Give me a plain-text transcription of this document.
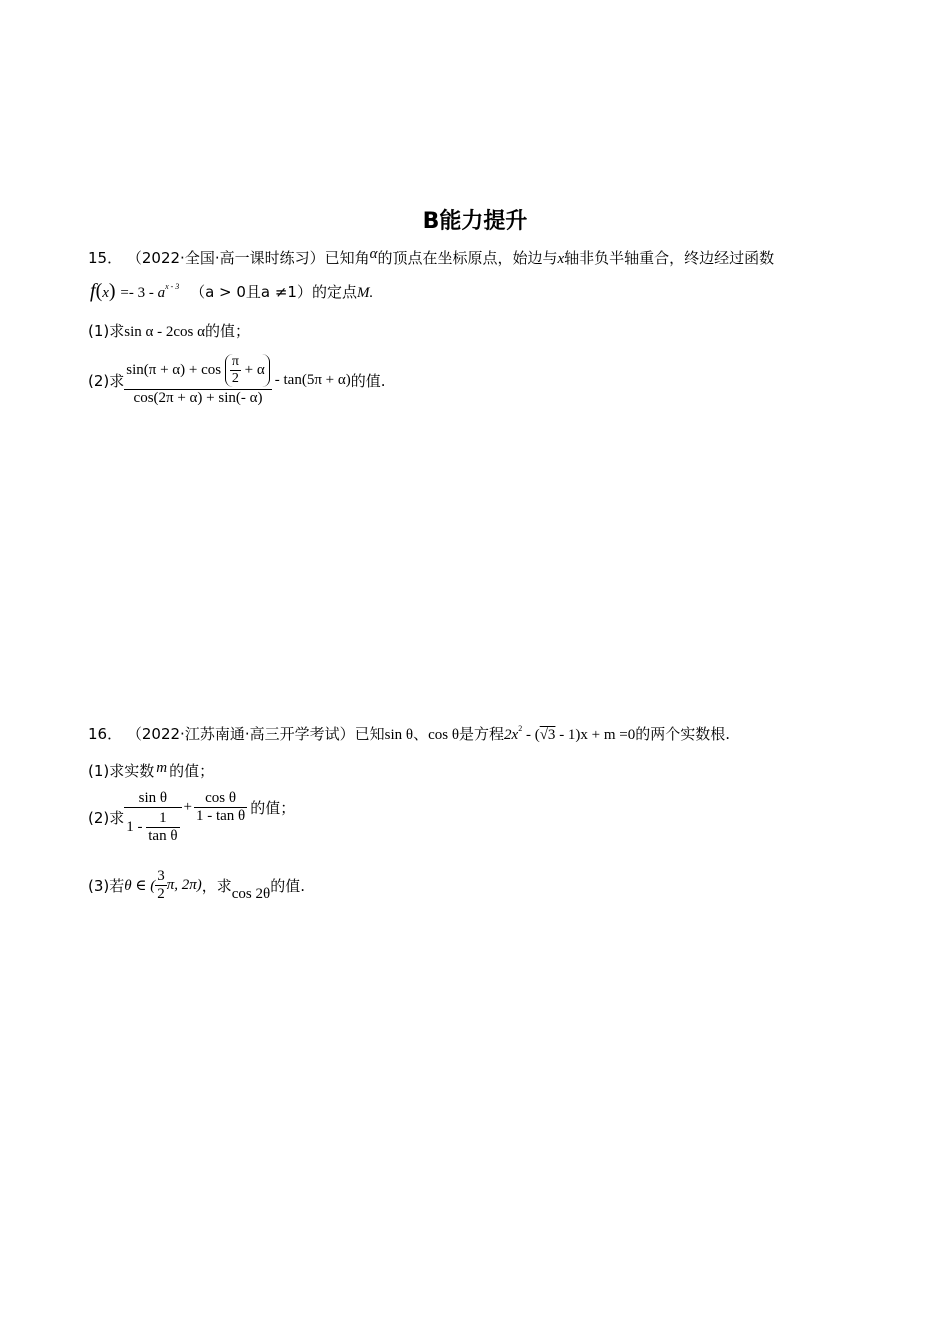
B能力提升
15． （2022·全国·高一课时练习）已知角α的顶点在坐标原点，始边与x轴非负半轴重合，终边经过函数
$f(x) =- 3 - a^{x - 3}$ （a > 0且a ≠1）的定点M.
(1)求sin α - 2cos α的值；
(2)求 $\frac{\sin(\pi + \alpha) + \cos \frac{\pi}{2} + \alpha}{\cos(2\pi + \alpha) + \sin(- \alpha)} - \tan(5\pi + \alpha)$的值.
16． （2022·江苏南通·高三开学考试）已知sin θ、cos θ是方程$2x^2 - (√3 - 1)x + m =0$的两个实数根.
(1)求实数 m 的值；
(2)求 $\frac{\text{sin θ}}{1 - \frac{1}{\text{tan θ}}} + \frac{\text{cos θ}}{\text{1 - tan θ}}$ 的值；
(3)若θ ∈ ( $\frac{3}{2} \pi$, 2π)，求cos 2θ的值.
